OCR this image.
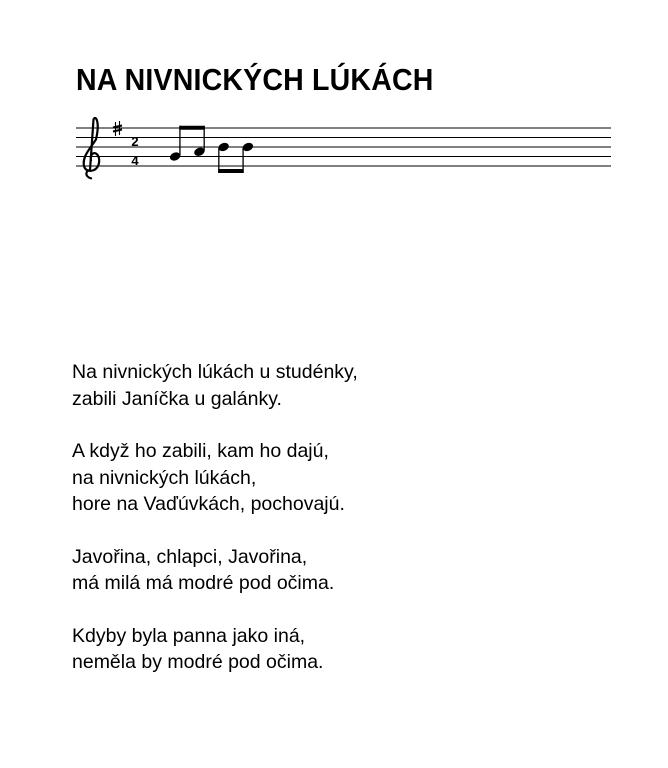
NA NIVNICKÝCH LÚKÁCH
2
4
Na nivnických lúkách u studénky,
zabili Janíčka u galánky.
A když ho zabili, kam ho dajú,
na nivnických lúkách,
hore na Vaďúvkách, pochovajú.
Javořina, chlapci, Javořina,
má milá má modré pod očima.
Kdyby byla panna jako iná,
neměla by modré pod očima.
